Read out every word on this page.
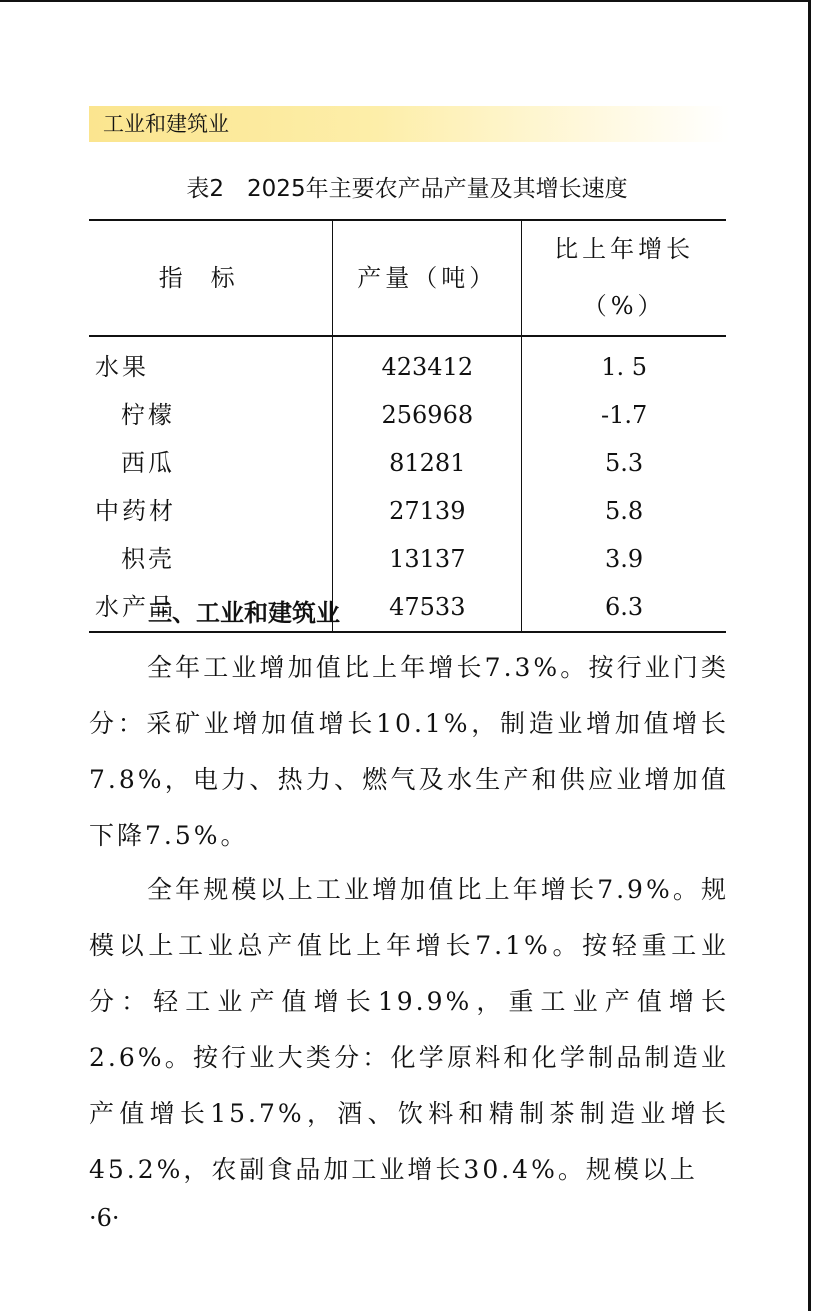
工业和建筑业
表2　2025年主要农产品产量及其增长速度
指标	产量（吨）	比上年增长（%）
水果	423412	1. 5
柠檬	256968	-1.7
西瓜	81281	5.3
中药材	27139	5.8
枳壳	13137	3.9
水产品	47533	6.3
三、工业和建筑业

全年工业增加值比上年增长7.3%。按行业门类分：采矿业增加值增长10.1%，制造业增加值增长7.8%，电力、热力、燃气及水生产和供应业增加值下降7.5%。

全年规模以上工业增加值比上年增长7.9%。规模以上工业总产值比上年增长7.1%。按轻重工业分：轻工业产值增长19.9%，重工业产值增长2.6%。按行业大类分：化学原料和化学制品制造业产值增长15.7%，酒、饮料和精制茶制造业增长45.2%，农副食品加工业增长30.4%。规模以上

·6·
